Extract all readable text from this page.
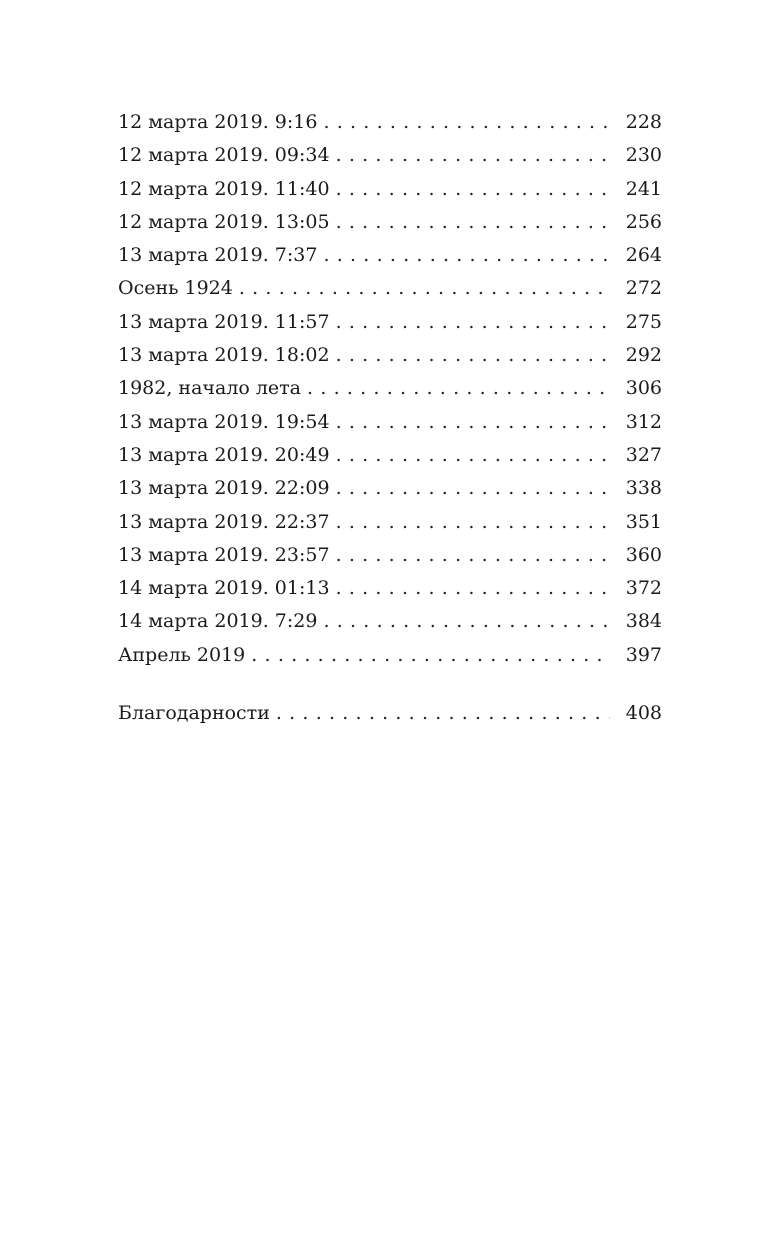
12 марта 2019. 9:16 . . .	228
12 марта 2019. 09:34 . . .	230
12 марта 2019. 11:40 . . .	241
12 марта 2019. 13:05 . . .	256
13 марта 2019. 7:37 . . .	264
Осень 1924 . . .	272
13 марта 2019. 11:57 . . .	275
13 марта 2019. 18:02 . . .	292
1982, начало лета . . .	306
13 марта 2019. 19:54 . . .	312
13 марта 2019. 20:49 . . .	327
13 марта 2019. 22:09 . . .	338
13 марта 2019. 22:37 . . .	351
13 марта 2019. 23:57 . . .	360
14 марта 2019. 01:13 . . .	372
14 марта 2019. 7:29 . . .	384
Апрель 2019 . . .	397
Благодарности . . .	408
